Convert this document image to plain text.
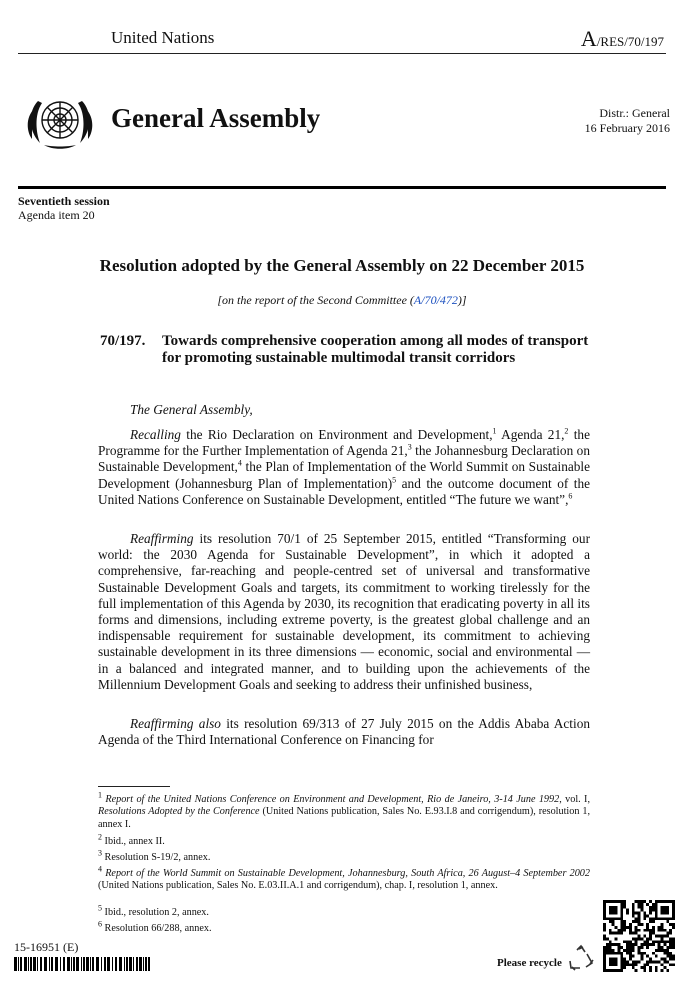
United Nations	A/RES/70/197
General Assembly	Distr.: General
16 February 2016
Seventieth session
Agenda item 20
Resolution adopted by the General Assembly on 22 December 2015
[on the report of the Second Committee (A/70/472)]
70/197.	Towards comprehensive cooperation among all modes of transport for promoting sustainable multimodal transit corridors
The General Assembly,
Recalling the Rio Declaration on Environment and Development,$^1$ Agenda 21,$^2$ the Programme for the Further Implementation of Agenda 21,$^3$ the Johannesburg Declaration on Sustainable Development,$^4$ the Plan of Implementation of the World Summit on Sustainable Development (Johannesburg Plan of Implementation)$^5$ and the outcome document of the United Nations Conference on Sustainable Development, entitled “The future we want”,$^6$
Reaffirming its resolution 70/1 of 25 September 2015, entitled “Transforming our world: the 2030 Agenda for Sustainable Development”, in which it adopted a comprehensive, far-reaching and people-centred set of universal and transformative Sustainable Development Goals and targets, its commitment to working tirelessly for the full implementation of this Agenda by 2030, its recognition that eradicating poverty in all its forms and dimensions, including extreme poverty, is the greatest global challenge and an indispensable requirement for sustainable development, its commitment to achieving sustainable development in its three dimensions — economic, social and environmental — in a balanced and integrated manner, and to building upon the achievements of the Millennium Development Goals and seeking to address their unfinished business,
Reaffirming also its resolution 69/313 of 27 July 2015 on the Addis Ababa Action Agenda of the Third International Conference on Financing for
$^1$ Report of the United Nations Conference on Environment and Development, Rio de Janeiro, 3-14 June 1992, vol. I, Resolutions Adopted by the Conference (United Nations publication, Sales No. E.93.I.8 and corrigendum), resolution 1, annex I.
$^2$ Ibid., annex II.
$^3$ Resolution S-19/2, annex.
$^4$ Report of the World Summit on Sustainable Development, Johannesburg, South Africa, 26 August–4 September 2002 (United Nations publication, Sales No. E.03.II.A.1 and corrigendum), chap. I, resolution 1, annex.
$^5$ Ibid., resolution 2, annex.
$^6$ Resolution 66/288, annex.
15-16951 (E)
Please recycle
